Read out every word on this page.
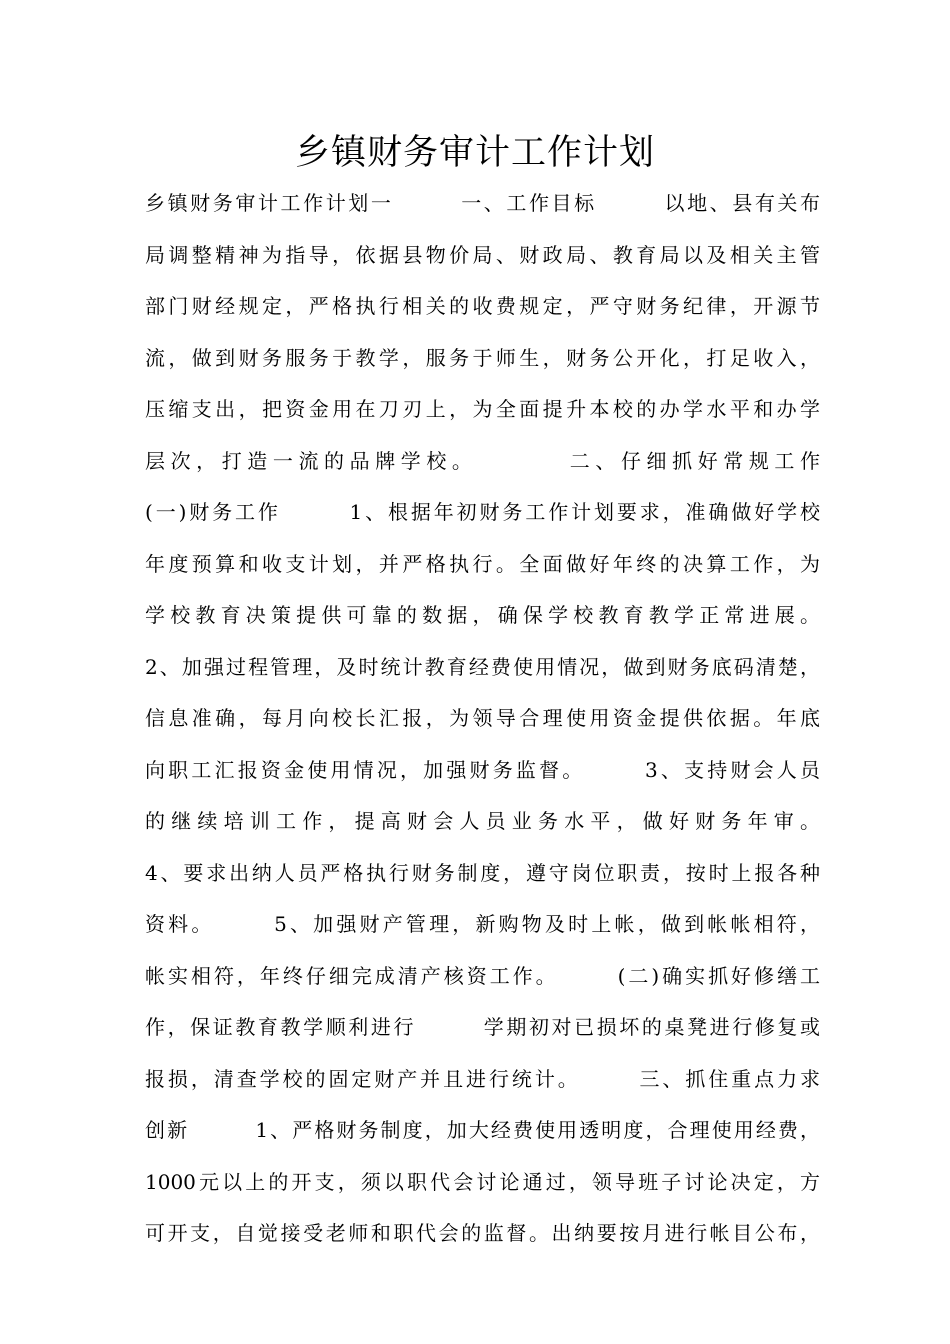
乡镇财务审计工作计划
乡镇财务审计工作计划一　　　一、工作目标　　　以地、县有关布
局调整精神为指导，依据县物价局、财政局、教育局以及相关主管
部门财经规定，严格执行相关的收费规定，严守财务纪律，开源节
流，做到财务服务于教学，服务于师生，财务公开化，打足收入，
压缩支出，把资金用在刀刃上，为全面提升本校的办学水平和办学
层次，打造一流的品牌学校。　　　　二、仔细抓好常规工作
(一)财务工作　　　1、根据年初财务工作计划要求，准确做好学校
年度预算和收支计划，并严格执行。全面做好年终的决算工作，为
学校教育决策提供可靠的数据，确保学校教育教学正常进展。
2、加强过程管理，及时统计教育经费使用情况，做到财务底码清楚，
信息准确，每月向校长汇报，为领导合理使用资金提供依据。年底
向职工汇报资金使用情况，加强财务监督。　　　3、支持财会人员
的继续培训工作，提高财会人员业务水平，做好财务年审。
4、要求出纳人员严格执行财务制度，遵守岗位职责，按时上报各种
资料。　　　5、加强财产管理，新购物及时上帐，做到帐帐相符，
帐实相符，年终仔细完成清产核资工作。　　　(二)确实抓好修缮工
作，保证教育教学顺利进行　　　学期初对已损坏的桌凳进行修复或
报损，清查学校的固定财产并且进行统计。　　　三、抓住重点力求
创新　　　1、严格财务制度，加大经费使用透明度，合理使用经费，
1000元以上的开支，须以职代会讨论通过，领导班子讨论决定，方
可开支，自觉接受老师和职代会的监督。出纳要按月进行帐目公布，
